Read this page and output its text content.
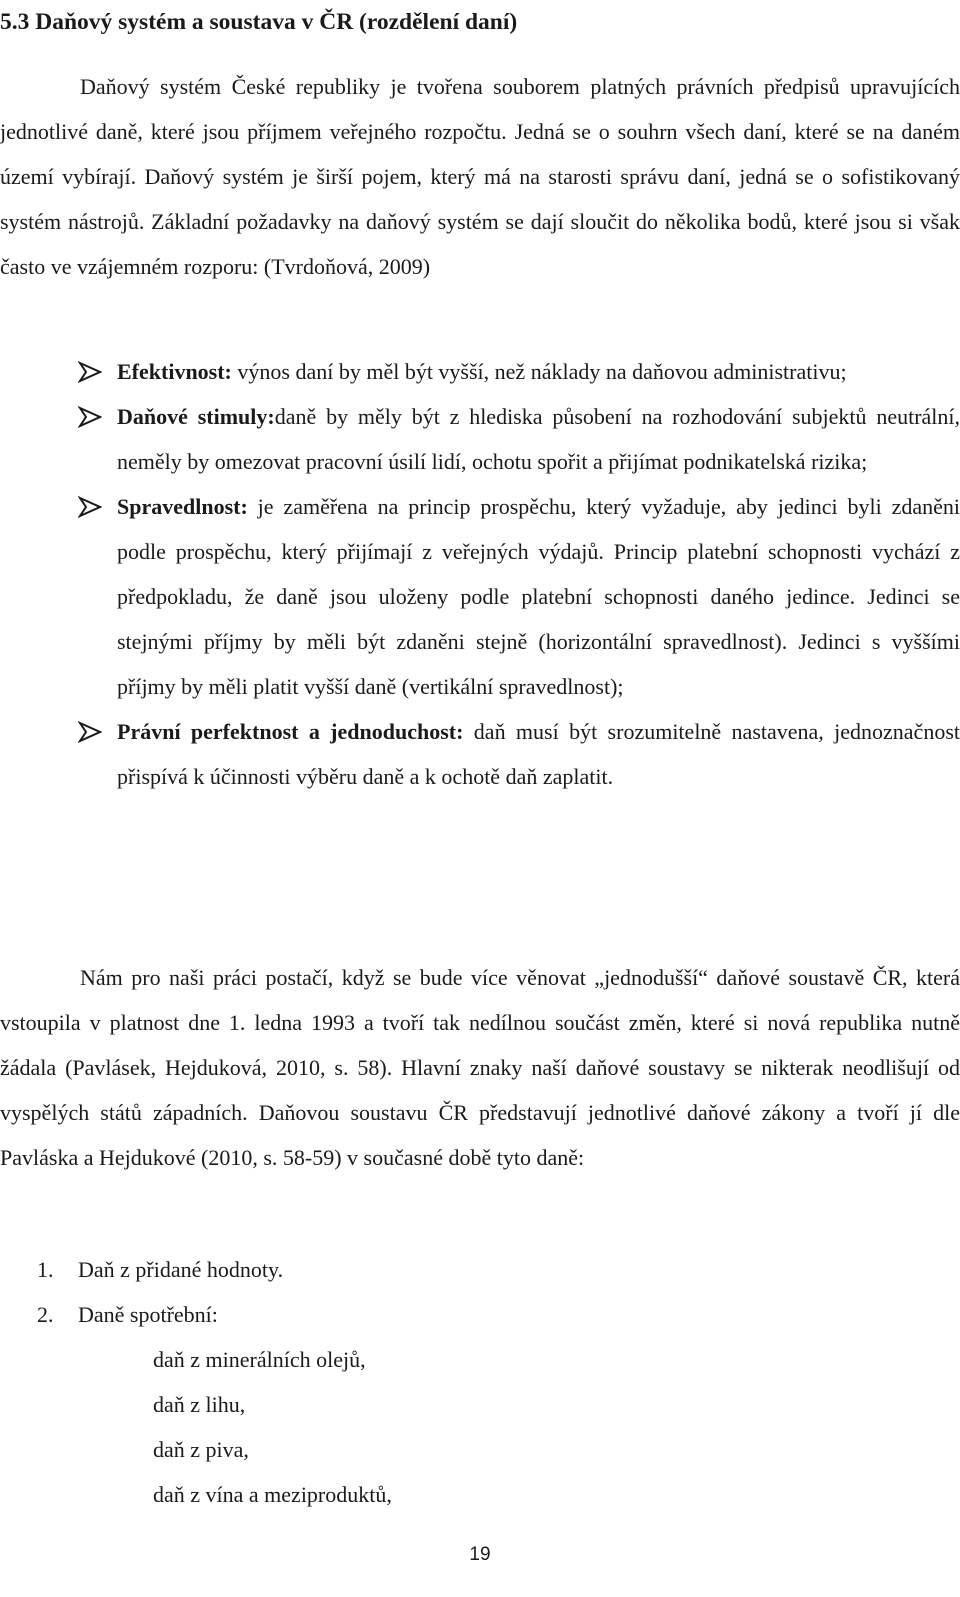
5.3 Daňový systém a soustava v ČR (rozdělení daní)

Daňový systém České republiky je tvořena souborem platných právních předpisů upravujících jednotlivé daně, které jsou příjmem veřejného rozpočtu. Jedná se o souhrn všech daní, které se na daném území vybírají. Daňový systém je širší pojem, který má na starosti správu daní, jedná se o sofistikovaný systém nástrojů. Základní požadavky na daňový systém se dají sloučit do několika bodů, které jsou si však často ve vzájemném rozporu: (Tvrdoňová, 2009)

Efektivnost: výnos daní by měl být vyšší, než náklady na daňovou administrativu;
Daňové stimuly:daně by měly být z hlediska působení na rozhodování subjektů neutrální, neměly by omezovat pracovní úsilí lidí, ochotu spořit a přijímat podnikatelská rizika;
Spravedlnost: je zaměřena na princip prospěchu, který vyžaduje, aby jedinci byli zdaněni podle prospěchu, který přijímají z veřejných výdajů. Princip platební schopnosti vychází z předpokladu, že daně jsou uloženy podle platební schopnosti daného jedince. Jedinci se stejnými příjmy by měli být zdaněni stejně (horizontální spravedlnost). Jedinci s vyššími příjmy by měli platit vyšší daně (vertikální spravedlnost);
Právní perfektnost a jednoduchost: daň musí být srozumitelně nastavena, jednoznačnost přispívá k účinnosti výběru daně a k ochotě daň zaplatit.

Nám pro naši práci postačí, když se bude více věnovat „jednodušší“ daňové soustavě ČR, která vstoupila v platnost dne 1. ledna 1993 a tvoří tak nedílnou součást změn, které si nová republika nutně žádala (Pavlásek, Hejduková, 2010, s. 58). Hlavní znaky naší daňové soustavy se nikterak neodlišují od vyspělých států západních. Daňovou soustavu ČR představují jednotlivé daňové zákony a tvoří jí dle Pavláska a Hejdukové (2010, s. 58-59) v současné době tyto daně:

1. Daň z přidané hodnoty.
2. Daně spotřební:
daň z minerálních olejů,
daň z lihu,
daň z piva,
daň z vína a meziproduktů,
19
